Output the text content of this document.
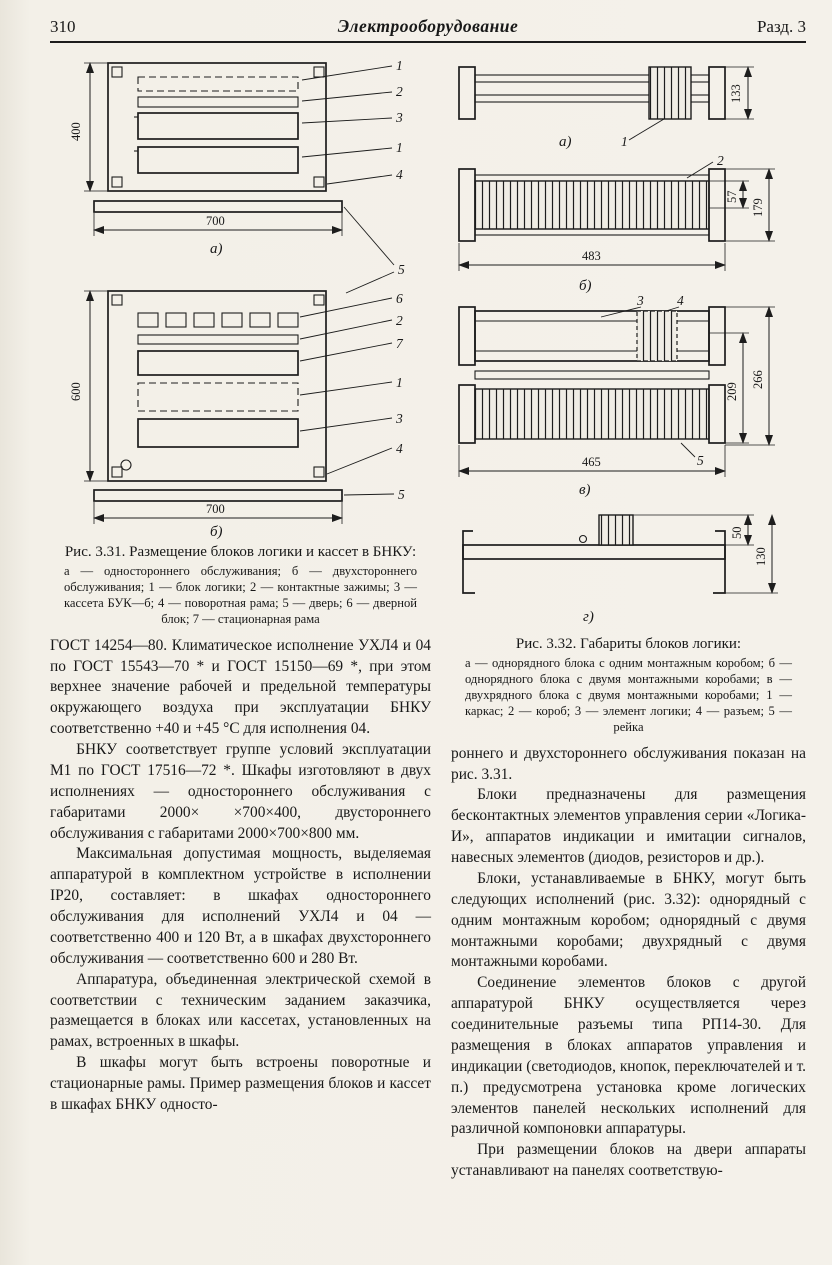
310	Электрооборудование	Разд. 3
1
2
3
1
4
400
700
а)
5
6
2
7
1
3
4
600
5
700
б)
Рис. 3.31. Размещение блоков логики и кассет в БНКУ:
а — одностороннего обслуживания; б — двухстороннего обслуживания; 1 — блок логики; 2 — контактные зажимы; 3 — кассета БУК—б; 4 — поворотная рама; 5 — дверь; 6 — дверной блок; 7 — стационарная рама

ГОСТ 14254—80. Климатическое исполнение УХЛ4 и 04 по ГОСТ 15543—70 * и ГОСТ 15150—69 *, при этом верхнее значение рабочей и предельной температуры окружающего воздуха при эксплуатации БНКУ соответственно +40 и +45 °С для исполнения 04.

БНКУ соответствует группе условий эксплуатации М1 по ГОСТ 17516—72 *. Шкафы изготовляют в двух исполнениях — одностороннего обслуживания с габаритами 2000× ×700×400, двустороннего обслуживания с габаритами 2000×700×800 мм.

Максимальная допустимая мощность, выделяемая аппаратурой в комплектном устройстве в исполнении IP20, составляет: в шкафах одностороннего обслуживания для исполнений УХЛ4 и 04 — соответственно 400 и 120 Вт, а в шкафах двухстороннего обслуживания — соответственно 600 и 280 Вт.

Аппаратура, объединенная электрической схемой в соответствии с техническим заданием заказчика, размещается в блоках или кассетах, установленных на рамах, встроенных в шкафы.

В шкафы могут быть встроены поворотные и стационарные рамы. Пример размещения блоков и кассет в шкафах БНКУ односто-

133
1
а)
2
57
179
483
б)
3 4
209
266
5
465
в)
50
130
г)
Рис. 3.32. Габариты блоков логики:
а — однорядного блока с одним монтажным коробом; б — однорядного блока с двумя монтажными коробами; в — двухрядного блока с двумя монтажными коробами; 1 — каркас; 2 — короб; 3 — элемент логики; 4 — разъем; 5 — рейка

роннего и двухстороннего обслуживания показан на рис. 3.31.

Блоки предназначены для размещения бесконтактных элементов управления серии «Логика-И», аппаратов индикации и имитации сигналов, навесных элементов (диодов, резисторов и др.).

Блоки, устанавливаемые в БНКУ, могут быть следующих исполнений (рис. 3.32): однорядный с одним монтажным коробом; однорядный с двумя монтажными коробами; двухрядный с двумя монтажными коробами.

Соединение элементов блоков с другой аппаратурой БНКУ осуществляется через соединительные разъемы типа РП14-30. Для размещения в блоках аппаратов управления и индикации (светодиодов, кнопок, переключателей и т. п.) предусмотрена установка кроме логических элементов панелей нескольких исполнений для различной компоновки аппаратуры.

При размещении блоков на двери аппараты устанавливают на панелях соответствую-
